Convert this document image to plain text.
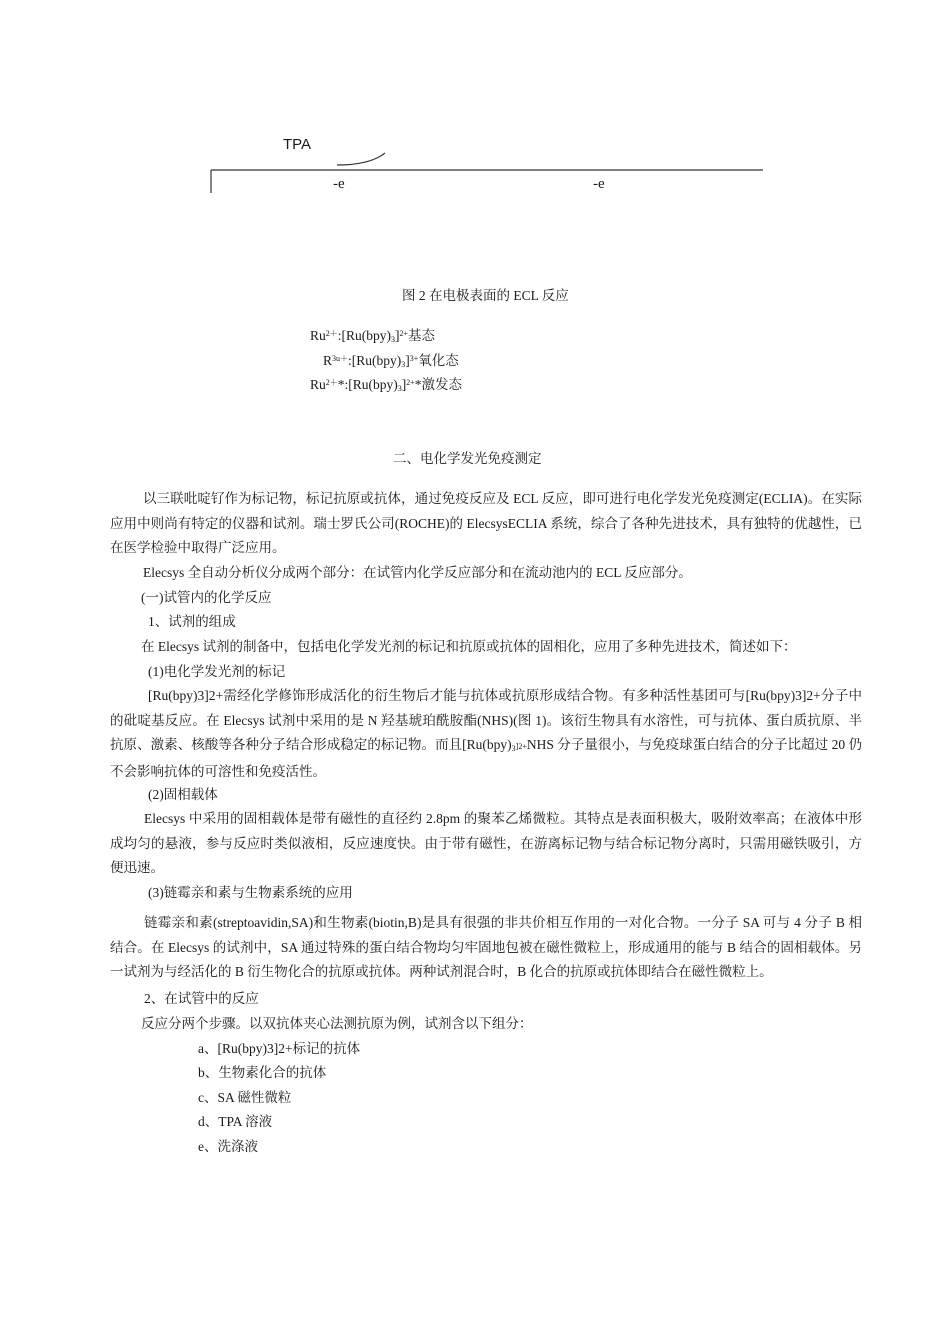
TPA
-e	-e
图 2 在电极表面的 ECL 反应
$Ru^{2+}:[Ru(bpy)_3]^{2+}$基态
$R^{3u+}:[Ru(bpy)_3]^{3+}$氧化态
$Ru^{2+}*:[Ru(bpy)_3]^{2+}*$激发态
二、电化学发光免疫测定
以三联吡啶钌作为标记物，标记抗原或抗体，通过免疫反应及 ECL 反应，即可进行电化学发光免疫测定(ECLIA)。在实际应用中则尚有特定的仪器和试剂。瑞士罗氏公司(ROCHE)的 ElecsysECLIA 系统，综合了各种先进技术，具有独特的优越性，已在医学检验中取得广泛应用。
Elecsys 全自动分析仪分成两个部分：在试管内化学反应部分和在流动池内的 ECL 反应部分。
(一)试管内的化学反应
1、试剂的组成
在 Elecsys 试剂的制备中，包括电化学发光剂的标记和抗原或抗体的固相化，应用了多种先进技术，简述如下：
(1)电化学发光剂的标记
[Ru(bpy)3]2+需经化学修饰形成活化的衍生物后才能与抗体或抗原形成结合物。有多种活性基团可与[Ru(bpy)3]2+分子中的砒啶基反应。在 Elecsys 试剂中采用的是 N 羟基琥珀酰胺酯(NHS)(图 1)。该衍生物具有水溶性，可与抗体、蛋白质抗原、半抗原、激素、核酸等各种分子结合形成稳定的标记物。而且$[Ru(bpy)_3]2+NHS$ 分子量很小，与免疫球蛋白结合的分子比超过 20 仍不会影响抗体的可溶性和免疫活性。
(2)固相载体
Elecsys 中采用的固相载体是带有磁性的直径约 2.8pm 的聚苯乙烯微粒。其特点是表面积极大，吸附效率高；在液体中形成均匀的悬液，参与反应时类似液相，反应速度快。由于带有磁性，在游离标记物与结合标记物分离时，只需用磁铁吸引，方便迅速。
(3)链霉亲和素与生物素系统的应用
链霉亲和素(streptoavidin,SA)和生物素(biotin,B)是具有很强的非共价相互作用的一对化合物。一分子 SA 可与 4 分子 B 相结合。在 Elecsys 的试剂中，SA 通过特殊的蛋白结合物均匀牢固地包被在磁性微粒上，形成通用的能与 B 结合的固相载体。另一试剂为与经活化的 B 衍生物化合的抗原或抗体。两种试剂混合时，B 化合的抗原或抗体即结合在磁性微粒上。
2、在试管中的反应
反应分两个步骤。以双抗体夹心法测抗原为例，试剂含以下组分：
a、[Ru(bpy)3]2+标记的抗体
b、生物素化合的抗体
c、SA 磁性微粒
d、TPA 溶液
e、洗涤液
